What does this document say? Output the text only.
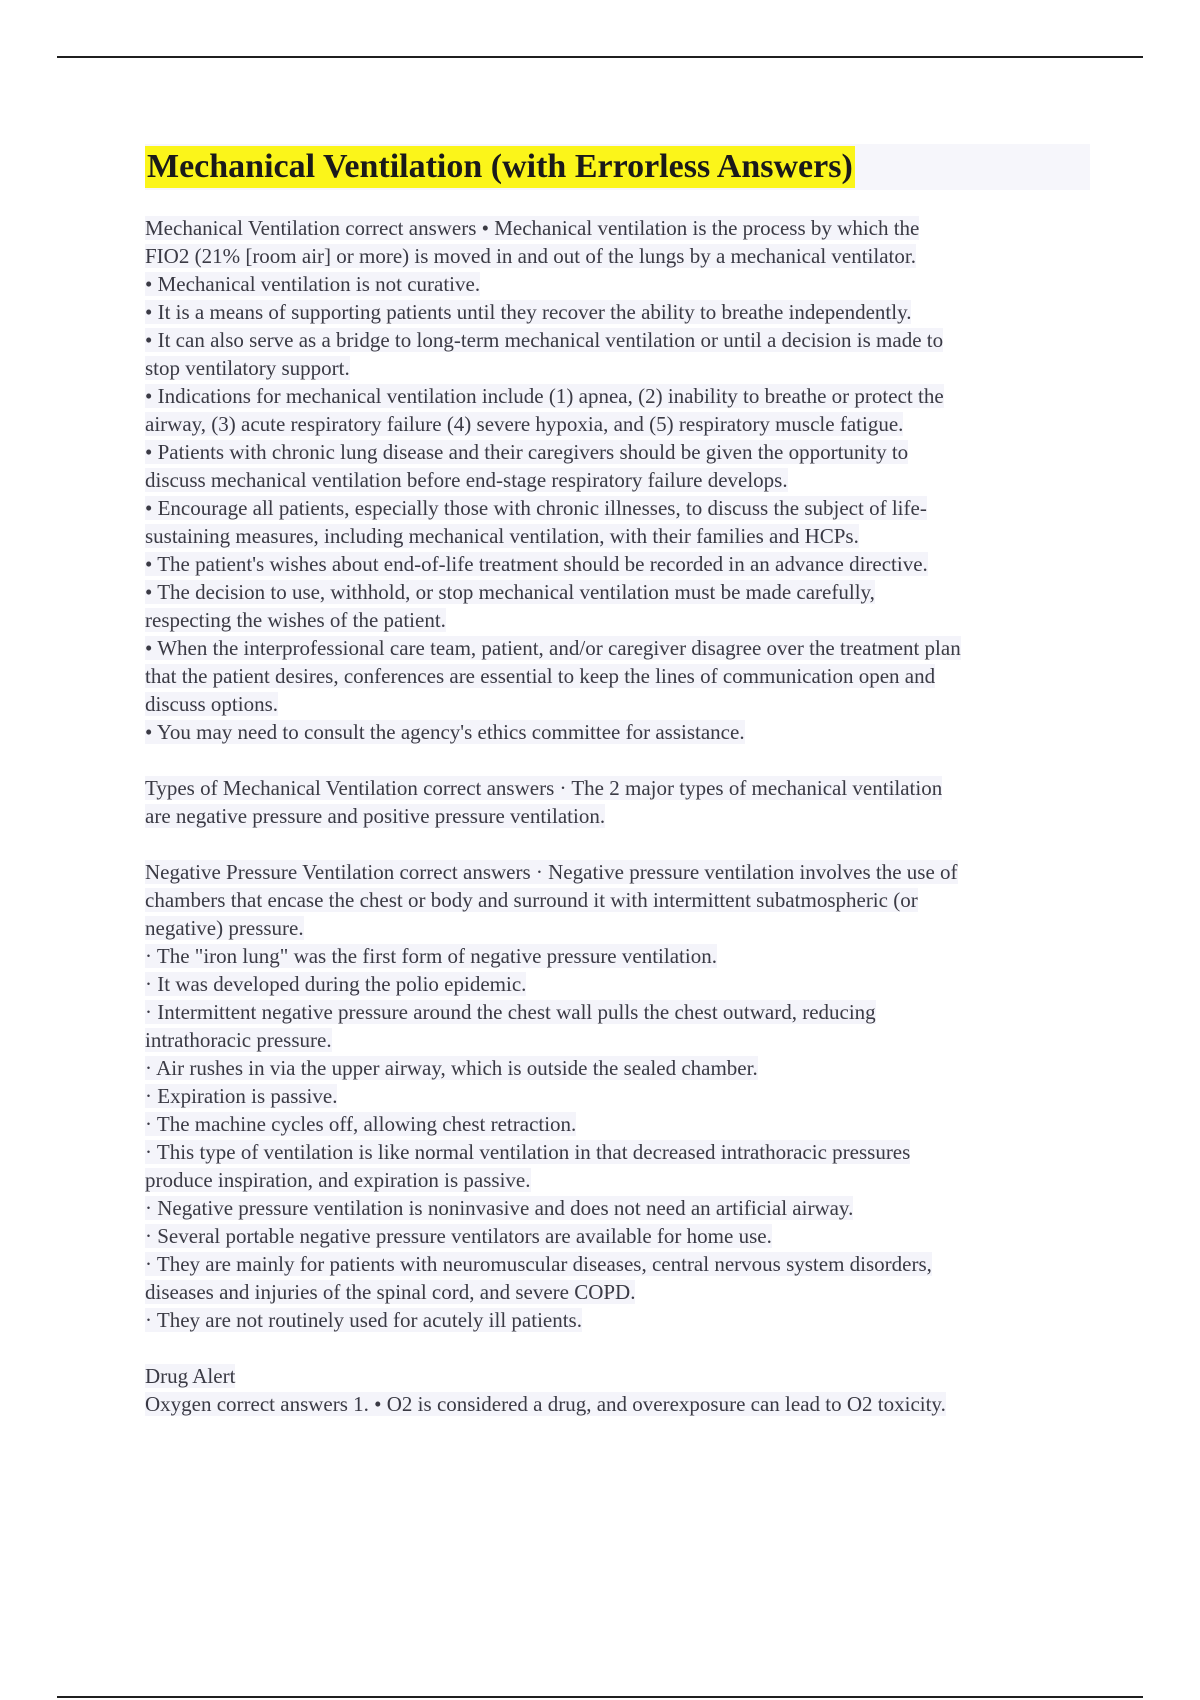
Mechanical Ventilation (with Errorless Answers)
Mechanical Ventilation correct answers • Mechanical ventilation is the process by which the
FIO2 (21% [room air] or more) is moved in and out of the lungs by a mechanical ventilator.
• Mechanical ventilation is not curative.
• It is a means of supporting patients until they recover the ability to breathe independently.
• It can also serve as a bridge to long-term mechanical ventilation or until a decision is made to
stop ventilatory support.
• Indications for mechanical ventilation include (1) apnea, (2) inability to breathe or protect the
airway, (3) acute respiratory failure (4) severe hypoxia, and (5) respiratory muscle fatigue.
• Patients with chronic lung disease and their caregivers should be given the opportunity to
discuss mechanical ventilation before end-stage respiratory failure develops.
• Encourage all patients, especially those with chronic illnesses, to discuss the subject of life-
sustaining measures, including mechanical ventilation, with their families and HCPs.
• The patient's wishes about end-of-life treatment should be recorded in an advance directive.
• The decision to use, withhold, or stop mechanical ventilation must be made carefully,
respecting the wishes of the patient.
• When the interprofessional care team, patient, and/or caregiver disagree over the treatment plan
that the patient desires, conferences are essential to keep the lines of communication open and
discuss options.
• You may need to consult the agency's ethics committee for assistance.
Types of Mechanical Ventilation correct answers · The 2 major types of mechanical ventilation
are negative pressure and positive pressure ventilation.
Negative Pressure Ventilation correct answers · Negative pressure ventilation involves the use of
chambers that encase the chest or body and surround it with intermittent subatmospheric (or
negative) pressure.
· The "iron lung" was the first form of negative pressure ventilation.
· It was developed during the polio epidemic.
· Intermittent negative pressure around the chest wall pulls the chest outward, reducing
intrathoracic pressure.
· Air rushes in via the upper airway, which is outside the sealed chamber.
· Expiration is passive.
· The machine cycles off, allowing chest retraction.
· This type of ventilation is like normal ventilation in that decreased intrathoracic pressures
produce inspiration, and expiration is passive.
· Negative pressure ventilation is noninvasive and does not need an artificial airway.
· Several portable negative pressure ventilators are available for home use.
· They are mainly for patients with neuromuscular diseases, central nervous system disorders,
diseases and injuries of the spinal cord, and severe COPD.
· They are not routinely used for acutely ill patients.
Drug Alert
Oxygen correct answers 1. • O2 is considered a drug, and overexposure can lead to O2 toxicity.
